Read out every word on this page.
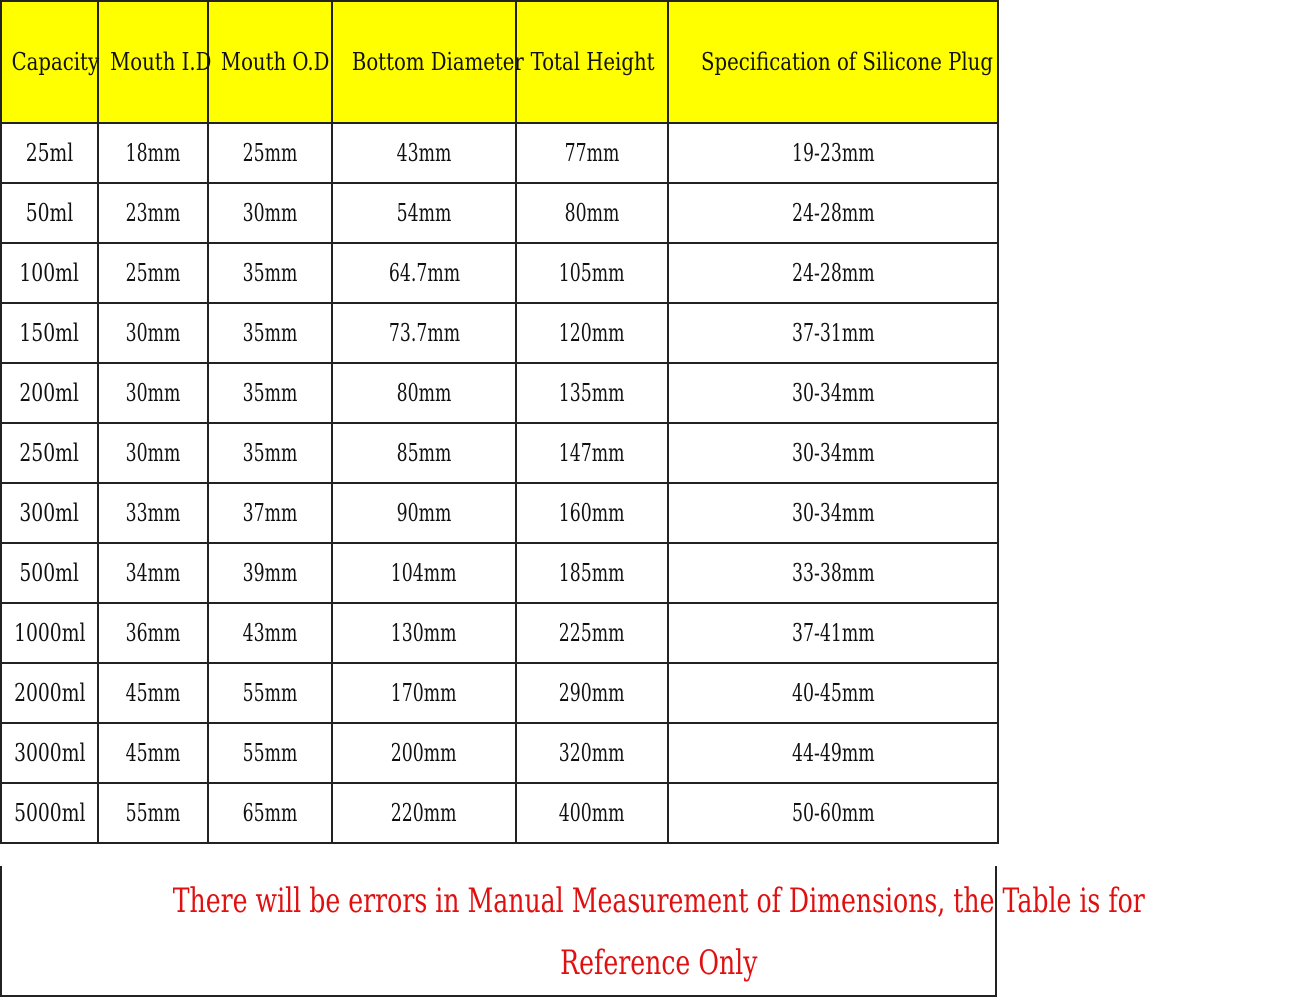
Capacity	Mouth I.D	Mouth O.D	Bottom Diameter	Total Height	Specification of Silicone Plug
25ml	18mm	25mm	43mm	77mm	19-23mm
50ml	23mm	30mm	54mm	80mm	24-28mm
100ml	25mm	35mm	64.7mm	105mm	24-28mm
150ml	30mm	35mm	73.7mm	120mm	37-31mm
200ml	30mm	35mm	80mm	135mm	30-34mm
250ml	30mm	35mm	85mm	147mm	30-34mm
300ml	33mm	37mm	90mm	160mm	30-34mm
500ml	34mm	39mm	104mm	185mm	33-38mm
1000ml	36mm	43mm	130mm	225mm	37-41mm
2000ml	45mm	55mm	170mm	290mm	40-45mm
3000ml	45mm	55mm	200mm	320mm	44-49mm
5000ml	55mm	65mm	220mm	400mm	50-60mm
There will be errors in Manual Measurement of Dimensions, the Table is for
Reference Only
